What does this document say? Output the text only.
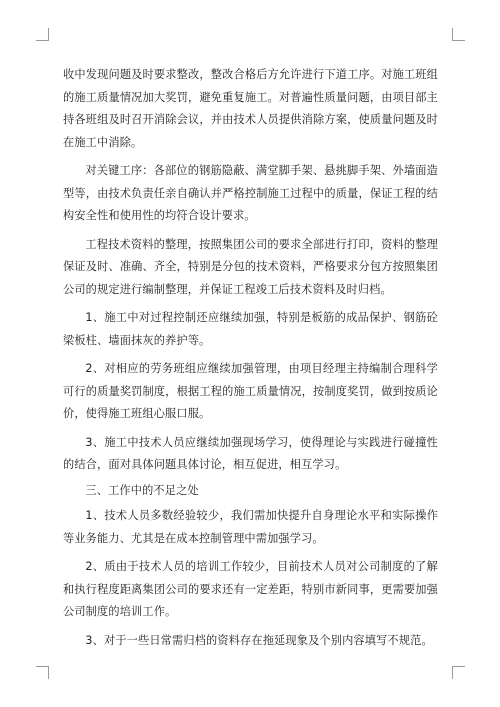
收中发现问题及时要求整改，整改合格后方允许进行下道工序。对施工班组的施工质量情况加大奖罚，避免重复施工。对普遍性质量问题，由项目部主持各班组及时召开消除会议，并由技术人员提供消除方案，使质量问题及时在施工中消除。

对关键工序：各部位的钢筋隐蔽、满堂脚手架、悬挑脚手架、外墙面造型等，由技术负责任亲自确认并严格控制施工过程中的质量，保证工程的结构安全性和使用性的均符合设计要求。

工程技术资料的整理，按照集团公司的要求全部进行打印，资料的整理保证及时、准确、齐全，特别是分包的技术资料，严格要求分包方按照集团公司的规定进行编制整理，并保证工程竣工后技术资料及时归档。

1、施工中对过程控制还应继续加强，特别是板筋的成品保护、钢筋砼梁板柱、墙面抹灰的养护等。

2、对相应的劳务班组应继续加强管理，由项目经理主持编制合理科学可行的质量奖罚制度，根据工程的施工质量情况，按制度奖罚，做到按质论价，使得施工班组心服口服。

3、施工中技术人员应继续加强现场学习，使得理论与实践进行碰撞性的结合，面对具体问题具体讨论，相互促进，相互学习。

三、工作中的不足之处

1、技术人员多数经验较少，我们需加快提升自身理论水平和实际操作等业务能力、尤其是在成本控制管理中需加强学习。

2、质由于技术人员的培训工作较少，目前技术人员对公司制度的了解和执行程度距离集团公司的要求还有一定差距，特别市新同事，更需要加强公司制度的培训工作。

3、对于一些日常需归档的资料存在拖延现象及个别内容填写不规范。
